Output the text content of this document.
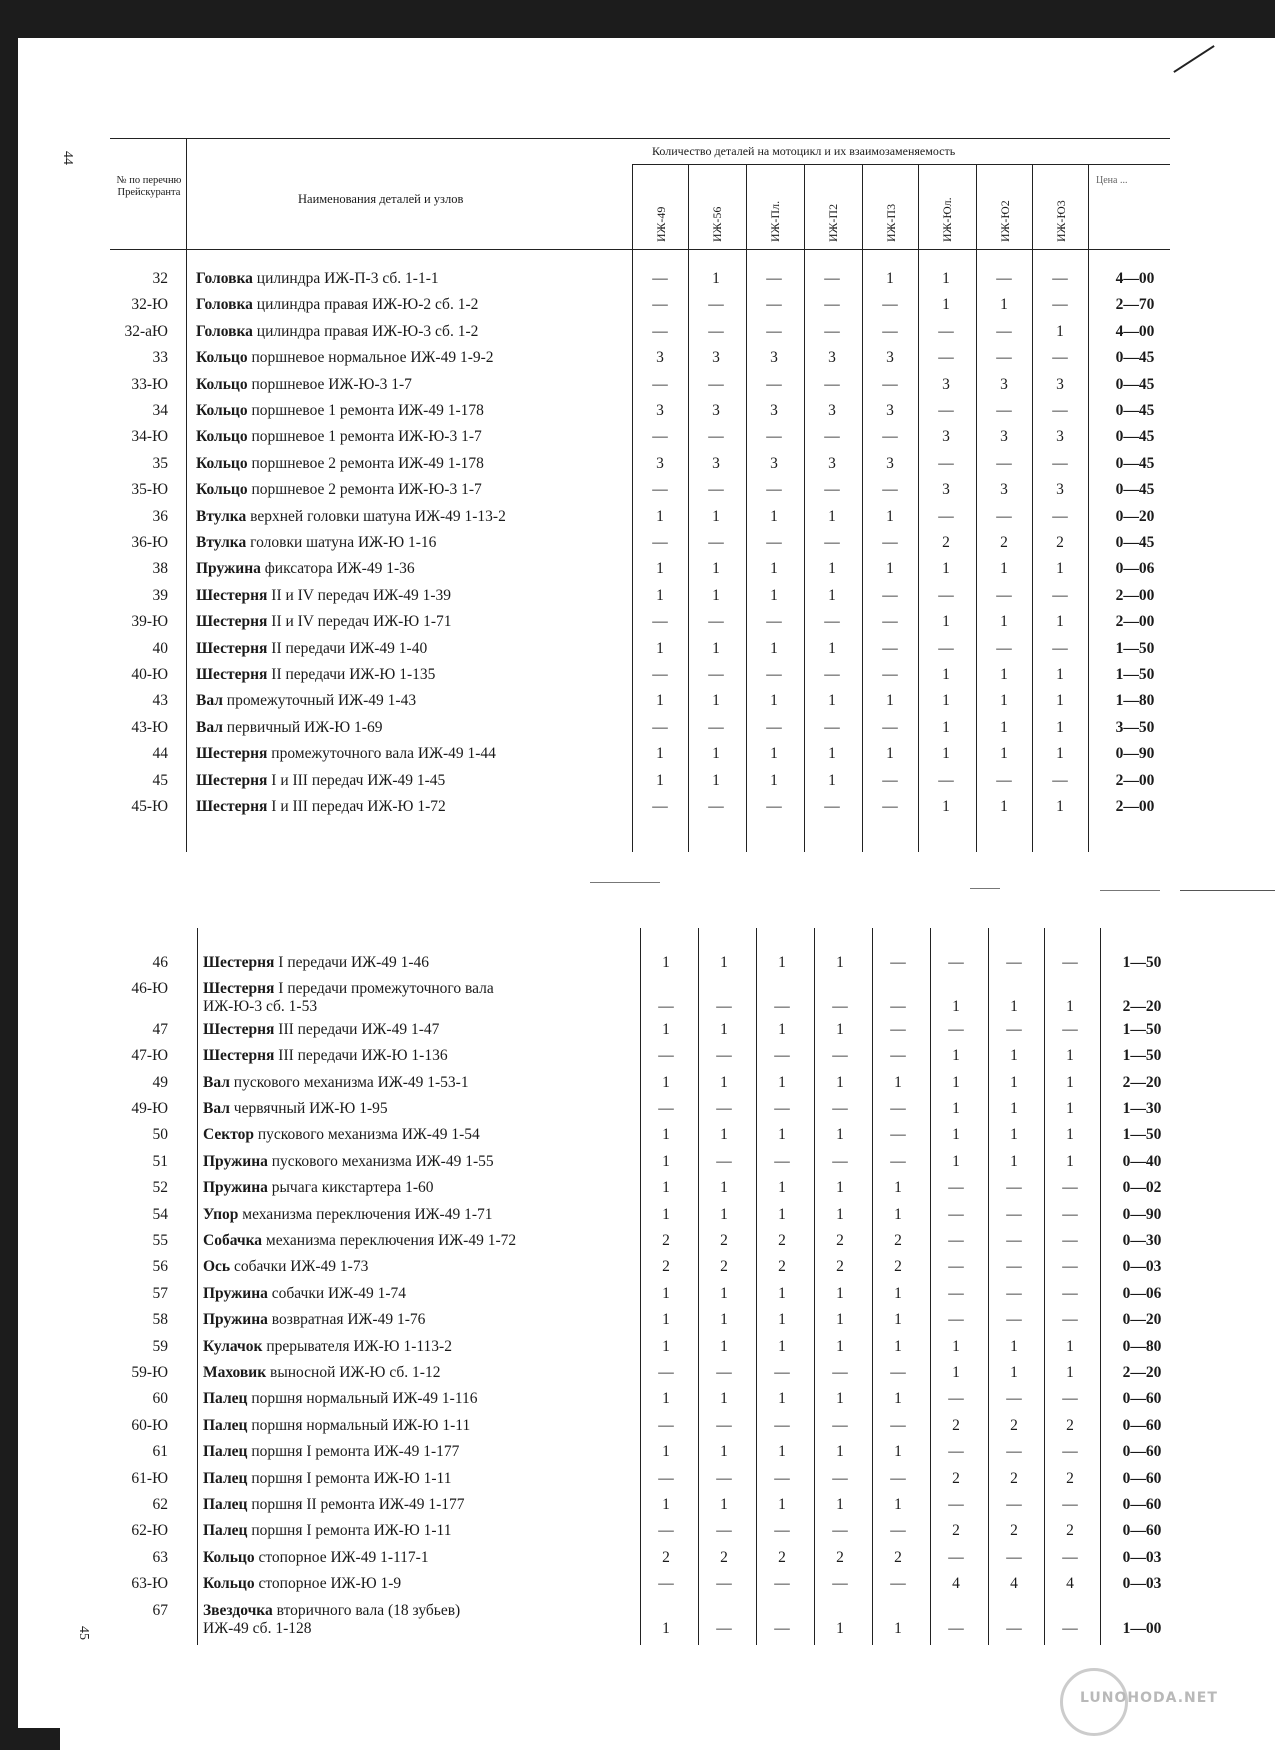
44
45
№ по перечню Прейскуранта	Наименования деталей и узлов
Количество деталей на мотоцикл и их взаимозаменяемость
ИЖ-49	ИЖ-56	ИЖ-Пл.	ИЖ-П2	ИЖ-П3	ИЖ-Юл.	ИЖ-Ю2	ИЖ-Ю3
Цена ...
32 Головка цилиндра ИЖ-П-3 сб. 1-1-1	—	1	—	—	1	1	—	—	4—00
32-Ю Головка цилиндра правая ИЖ-Ю-2 сб. 1-2	—	—	—	—	—	1	1	—	2—70
32-аЮ Головка цилиндра правая ИЖ-Ю-3 сб. 1-2	—	—	—	—	—	—	—	1	4—00
33 Кольцо поршневое нормальное ИЖ-49 1-9-2	3	3	3	3	3	—	—	—	0—45
33-Ю Кольцо поршневое ИЖ-Ю-3 1-7	—	—	—	—	—	3	3	3	0—45
34 Кольцо поршневое 1 ремонта ИЖ-49 1-178	3	3	3	3	3	—	—	—	0—45
34-Ю Кольцо поршневое 1 ремонта ИЖ-Ю-3 1-7	—	—	—	—	—	3	3	3	0—45
35 Кольцо поршневое 2 ремонта ИЖ-49 1-178	3	3	3	3	3	—	—	—	0—45
35-Ю Кольцо поршневое 2 ремонта ИЖ-Ю-3 1-7	—	—	—	—	—	3	3	3	0—45
36 Втулка верхней головки шатуна ИЖ-49 1-13-2	1	1	1	1	1	—	—	—	0—20
36-Ю Втулка головки шатуна ИЖ-Ю 1-16	—	—	—	—	—	2	2	2	0—45
38 Пружина фиксатора ИЖ-49 1-36	1	1	1	1	1	1	1	1	0—06
39 Шестерня II и IV передач ИЖ-49 1-39	1	1	1	1	—	—	—	—	2—00
39-Ю Шестерня II и IV передач ИЖ-Ю 1-71	—	—	—	—	—	1	1	1	2—00
40 Шестерня II передачи ИЖ-49 1-40	1	1	1	1	—	—	—	—	1—50
40-Ю Шестерня II передачи ИЖ-Ю 1-135	—	—	—	—	—	1	1	1	1—50
43 Вал промежуточный ИЖ-49 1-43	1	1	1	1	1	1	1	1	1—80
43-Ю Вал первичный ИЖ-Ю 1-69	—	—	—	—	—	1	1	1	3—50
44 Шестерня промежуточного вала ИЖ-49 1-44	1	1	1	1	1	1	1	1	0—90
45 Шестерня I и III передач ИЖ-49 1-45	1	1	1	1	—	—	—	—	2—00
45-Ю Шестерня I и III передач ИЖ-Ю 1-72	—	—	—	—	—	1	1	1	2—00
46 Шестерня I передачи ИЖ-49 1-46	1	1	1	1	—	—	—	—	1—50
46-Ю Шестерня I передачи промежуточного вала
ИЖ-Ю-3 сб. 1-53	—	—	—	—	—	1	1	1	2—20
47 Шестерня III передачи ИЖ-49 1-47	1	1	1	1	—	—	—	—	1—50
47-Ю Шестерня III передачи ИЖ-Ю 1-136	—	—	—	—	—	1	1	1	1—50
49 Вал пускового механизма ИЖ-49 1-53-1	1	1	1	1	1	1	1	1	2—20
49-Ю Вал червячный ИЖ-Ю 1-95	—	—	—	—	—	1	1	1	1—30
50 Сектор пускового механизма ИЖ-49 1-54	1	1	1	1	—	1	1	1	1—50
51 Пружина пускового механизма ИЖ-49 1-55	1	—	—	—	—	1	1	1	0—40
52 Пружина рычага кикстартера 1-60	1	1	1	1	1	—	—	—	0—02
54 Упор механизма переключения ИЖ-49 1-71	1	1	1	1	1	—	—	—	0—90
55 Собачка механизма переключения ИЖ-49 1-72	2	2	2	2	2	—	—	—	0—30
56 Ось собачки ИЖ-49 1-73	2	2	2	2	2	—	—	—	0—03
57 Пружина собачки ИЖ-49 1-74	1	1	1	1	1	—	—	—	0—06
58 Пружина возвратная ИЖ-49 1-76	1	1	1	1	1	—	—	—	0—20
59 Кулачок прерывателя ИЖ-Ю 1-113-2	1	1	1	1	1	1	1	1	0—80
59-Ю Маховик выносной ИЖ-Ю сб. 1-12	—	—	—	—	—	1	1	1	2—20
60 Палец поршня нормальный ИЖ-49 1-116	1	1	1	1	1	—	—	—	0—60
60-Ю Палец поршня нормальный ИЖ-Ю 1-11	—	—	—	—	—	2	2	2	0—60
61 Палец поршня I ремонта ИЖ-49 1-177	1	1	1	1	1	—	—	—	0—60
61-Ю Палец поршня I ремонта ИЖ-Ю 1-11	—	—	—	—	—	2	2	2	0—60
62 Палец поршня II ремонта ИЖ-49 1-177	1	1	1	1	1	—	—	—	0—60
62-Ю Палец поршня I ремонта ИЖ-Ю 1-11	—	—	—	—	—	2	2	2	0—60
63 Кольцо стопорное ИЖ-49 1-117-1	2	2	2	2	2	—	—	—	0—03
63-Ю Кольцо стопорное ИЖ-Ю 1-9	—	—	—	—	—	4	4	4	0—03
67 Звездочка вторичного вала (18 зубьев)
ИЖ-49 сб. 1-128	1	—	—	1	1	—	—	—	1—00
LUNOHODA.NET
